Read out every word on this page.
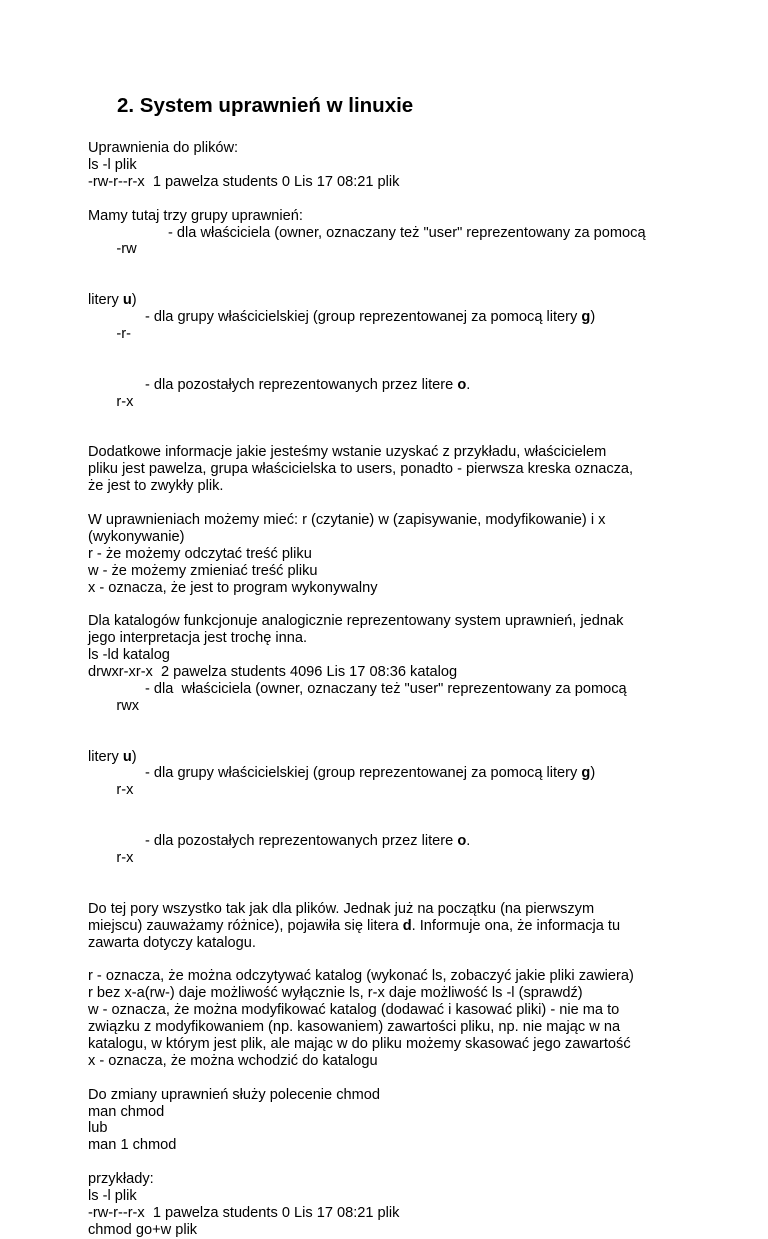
2. System uprawnień w linuxie
Uprawnienia do plików:
ls -l plik
-rw-r--r-x  1 pawelza students 0 Lis 17 08:21 plik
Mamy tutaj trzy grupy uprawnień:

-rw

- dla właściciela (owner, oznaczany też "user" reprezentowany za pomocą

litery u)

-r-

- dla grupy właścicielskiej (group reprezentowanej za pomocą litery g)

r-x

- dla pozostałych reprezentowanych przez litere o.

Dodatkowe informacje jakie jesteśmy wstanie uzyskać z przykładu, właścicielem
pliku jest pawelza, grupa właścicielska to users, ponadto - pierwsza kreska oznacza,
że jest to zwykły plik.
W uprawnieniach możemy mieć: r (czytanie) w (zapisywanie, modyfikowanie) i x
(wykonywanie)
r - że możemy odczytać treść pliku
w - że możemy zmieniać treść pliku
x - oznacza, że jest to program wykonywalny
Dla katalogów funkcjonuje analogicznie reprezentowany system uprawnień, jednak
jego interpretacja jest trochę inna.
ls -ld katalog
drwxr-xr-x  2 pawelza students 4096 Lis 17 08:36 katalog

rwx

- dla  właściciela (owner, oznaczany też "user" reprezentowany za pomocą

litery u)

r-x

- dla grupy właścicielskiej (group reprezentowanej za pomocą litery g)

r-x

- dla pozostałych reprezentowanych przez litere o.

Do tej pory wszystko tak jak dla plików. Jednak już na początku (na pierwszym
miejscu) zauważamy różnice), pojawiła się litera d. Informuje ona, że informacja tu
zawarta dotyczy katalogu.
r - oznacza, że można odczytywać katalog (wykonać ls, zobaczyć jakie pliki zawiera)
r bez x-a(rw-) daje możliwość wyłącznie ls, r-x daje możliwość ls -l (sprawdź)
w - oznacza, że można modyfikować katalog (dodawać i kasować pliki) - nie ma to
związku z modyfikowaniem (np. kasowaniem) zawartości pliku, np. nie mając w na
katalogu, w którym jest plik, ale mając w do pliku możemy skasować jego zawartość
x - oznacza, że można wchodzić do katalogu
Do zmiany uprawnień służy polecenie chmod
man chmod
lub
man 1 chmod
przykłady:
ls -l plik
-rw-r--r-x  1 pawelza students 0 Lis 17 08:21 plik
chmod go+w plik
